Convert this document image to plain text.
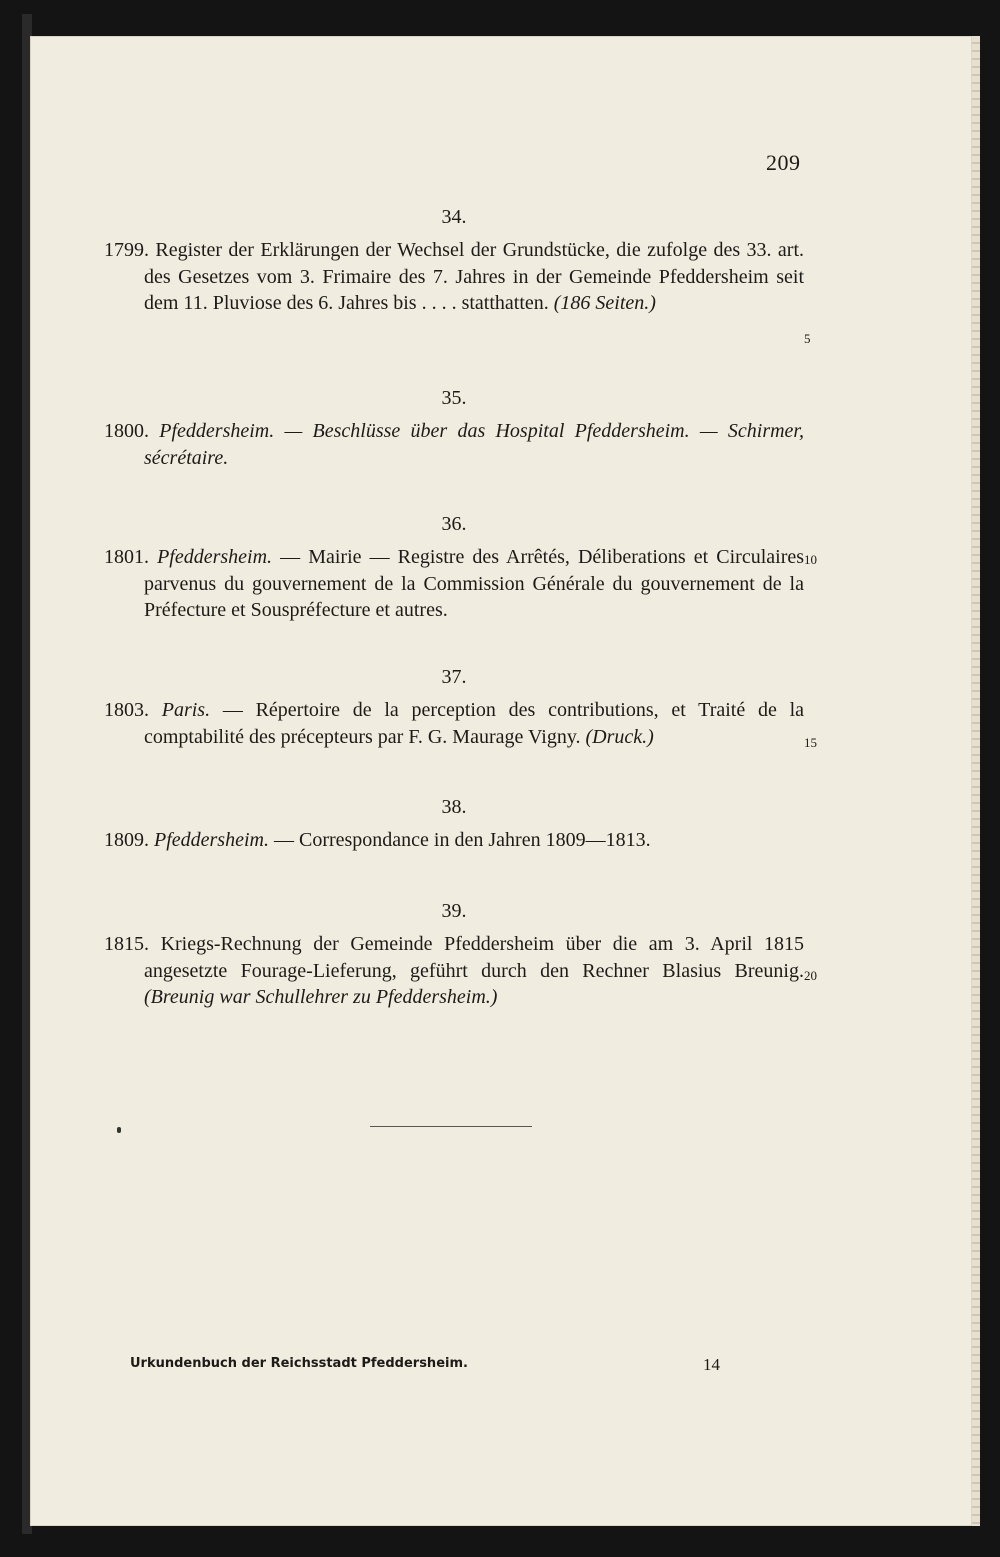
209
34.

1799. Register der Erklärungen der Wechsel der Grundstücke, die zufolge des 33. art. des Gesetzes vom 3. Frimaire des 7. Jahres in der Gemeinde Pfeddersheim seit dem 11. Pluviose des 6. Jahres bis . . . . statthatten. (186 Seiten.)

35.

1800. Pfeddersheim. — Beschlüsse über das Hospital Pfeddersheim. — Schirmer, sécrétaire.

36.

1801. Pfeddersheim. — Mairie — Registre des Arrêtés, Déliberations et Circulaires parvenus du gouvernement de la Commission Générale du gouvernement de la Préfecture et Souspréfecture et autres.

37.

1803. Paris. — Répertoire de la perception des contributions, et Traité de la comptabilité des précepteurs par F. G. Maurage Vigny. (Druck.)

38.

1809. Pfeddersheim. — Correspondance in den Jahren 1809—1813.

39.

1815. Kriegs-Rechnung der Gemeinde Pfeddersheim über die am 3. April 1815 angesetzte Fourage-Lieferung, geführt durch den Rechner Blasius Breunig. (Breunig war Schullehrer zu Pfeddersheim.)

5
10
15
20
Urkundenbuch der Reichsstadt Pfeddersheim.	14
